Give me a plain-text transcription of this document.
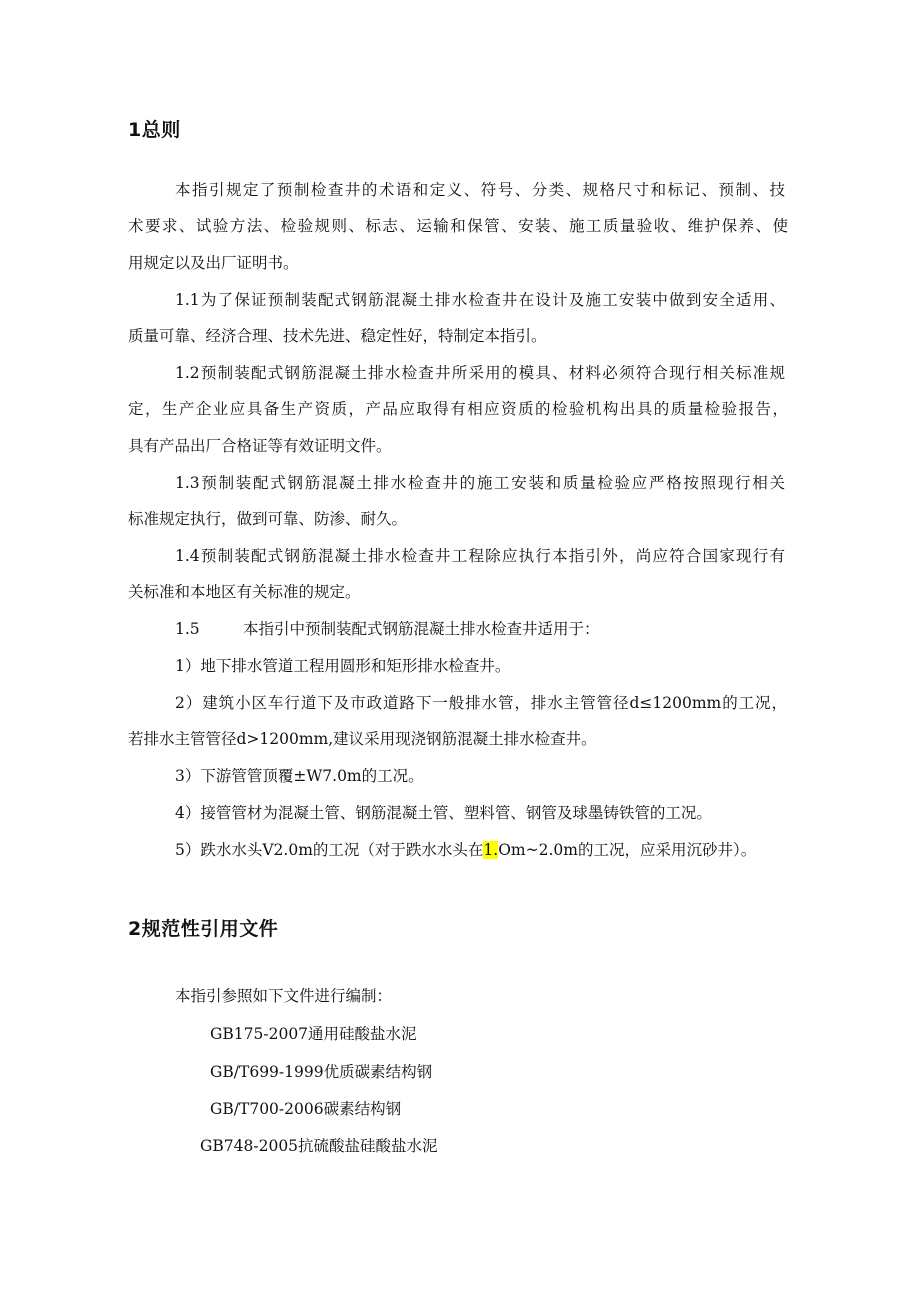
1总则
本指引规定了预制检查井的术语和定义、符号、分类、规格尺寸和标记、预制、技
术要求、试验方法、检验规则、标志、运输和保管、安装、施工质量验收、维护保养、使
用规定以及出厂证明书。
1.1为了保证预制装配式钢筋混凝土排水检查井在设计及施工安装中做到安全适用、
质量可靠、经济合理、技术先进、稳定性好，特制定本指引。
1.2预制装配式钢筋混凝土排水检查井所采用的模具、材料必须符合现行相关标准规
定，生产企业应具备生产资质，产品应取得有相应资质的检验机构出具的质量检验报告，
具有产品出厂合格证等有效证明文件。
1.3预制装配式钢筋混凝土排水检查井的施工安装和质量检验应严格按照现行相关
标准规定执行，做到可靠、防渗、耐久。
1.4预制装配式钢筋混凝土排水检查井工程除应执行本指引外，尚应符合国家现行有
关标准和本地区有关标准的规定。
1.5	本指引中预制装配式钢筋混凝土排水检查井适用于：
1）地下排水管道工程用圆形和矩形排水检查井。
2）建筑小区车行道下及市政道路下一般排水管，排水主管管径d≤1200mm的工况，
若排水主管管径d>1200mm,建议采用现浇钢筋混凝土排水检查井。
3）下游管管顶覆±W7.0m的工况。
4）接管管材为混凝土管、钢筋混凝土管、塑料管、钢管及球墨铸铁管的工况。
5）跌水水头V2.0m的工况（对于跌水水头在1.Om~2.0m的工况，应采用沉砂井）。
2规范性引用文件
本指引参照如下文件进行编制：
GB175-2007通用硅酸盐水泥
GB/T699-1999优质碳素结构钢
GB/T700-2006碳素结构钢
GB748-2005抗硫酸盐硅酸盐水泥
